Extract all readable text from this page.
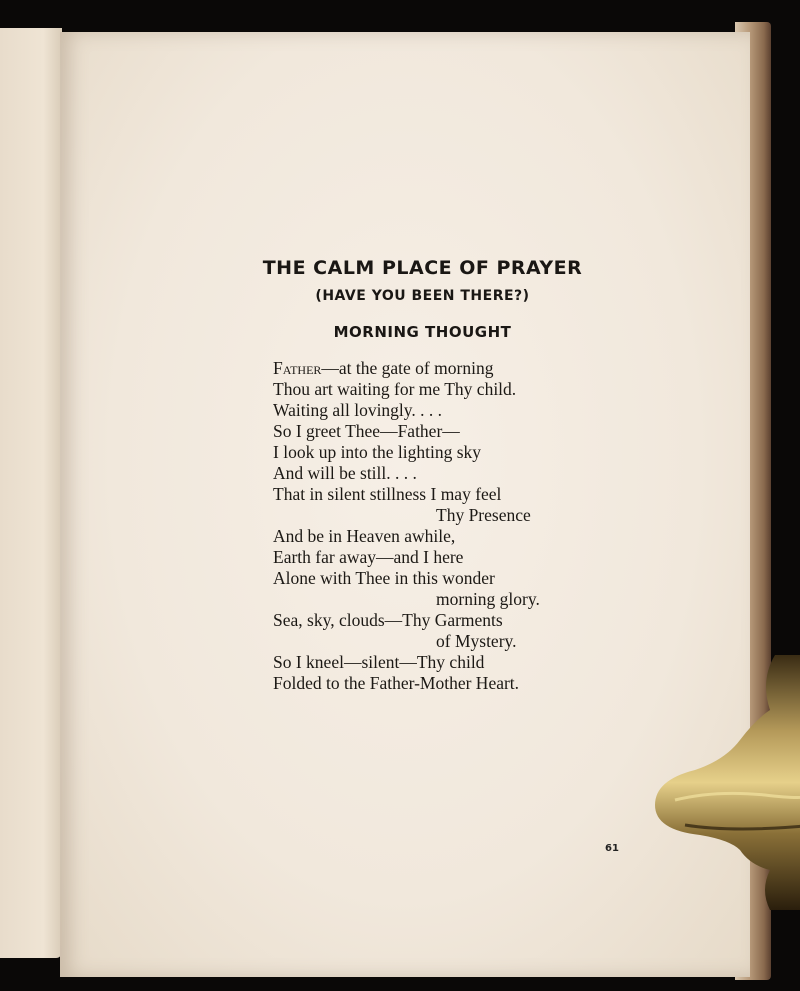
THE CALM PLACE OF PRAYER
(HAVE YOU BEEN THERE?)
MORNING THOUGHT
Father—at the gate of morning
Thou art waiting for me Thy child.
Waiting all lovingly. . . .
So I greet Thee—Father—
I look up into the lighting sky
And will be still. . . .
That in silent stillness I may feel
Thy Presence
And be in Heaven awhile,
Earth far away—and I here
Alone with Thee in this wonder
morning glory.
Sea, sky, clouds—Thy Garments
of Mystery.
So I kneel—silent—Thy child
Folded to the Father-Mother Heart.
61
